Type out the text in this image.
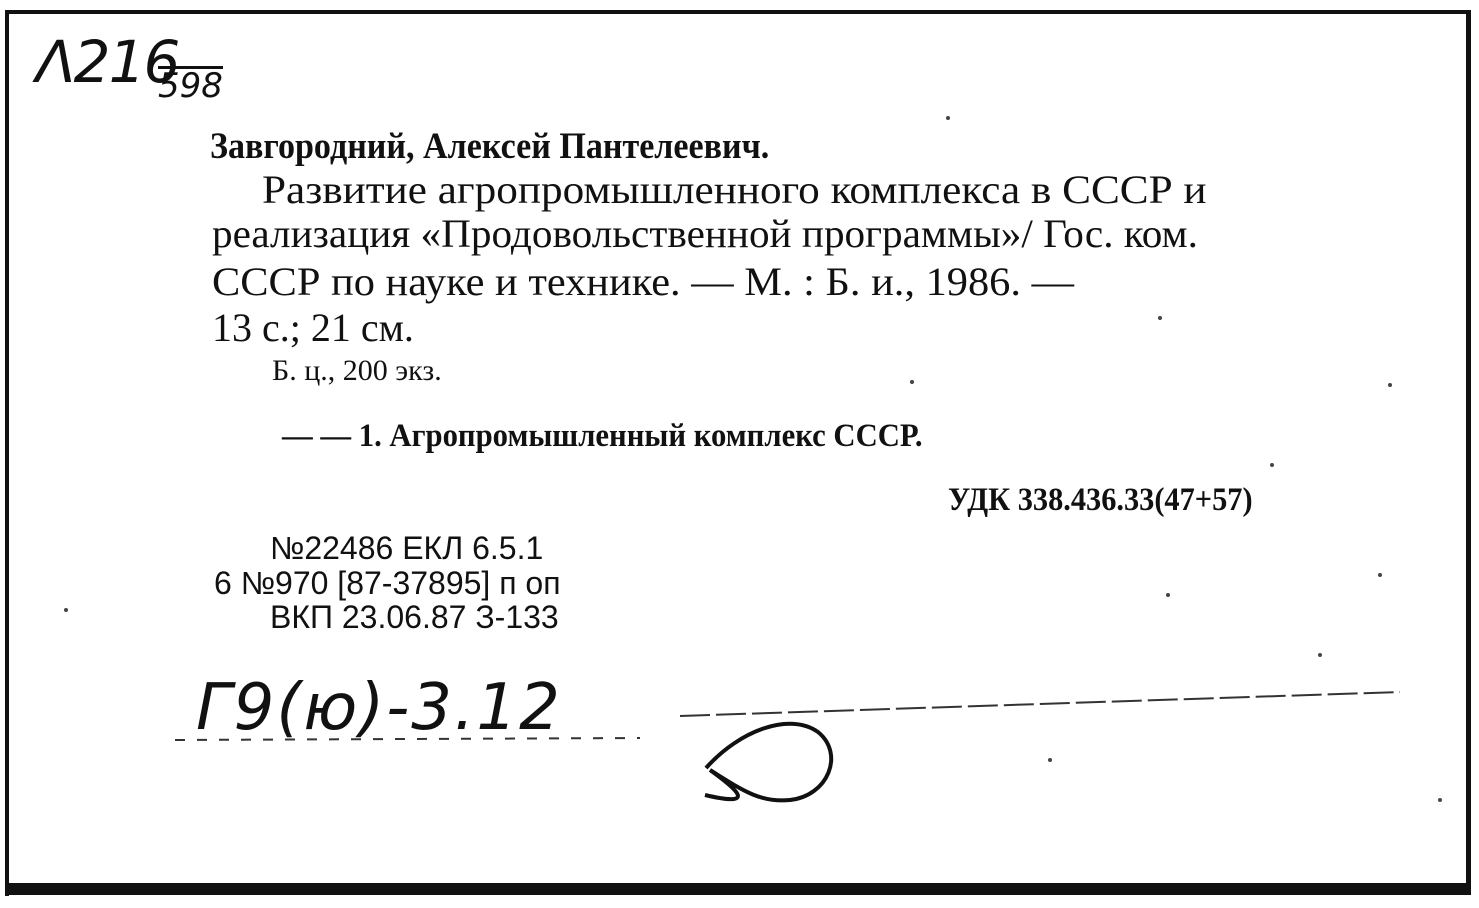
Λ216
598
Завгородний, Алексей Пантелеевич.
Развитие агропромышленного комплекса в СССР и
реализация «Продовольственной программы»/ Гос. ком.
СССР по науке и технике. — М. : Б. и., 1986. —
13 с.; 21 см.
Б. ц., 200 экз.
— — 1. Агропромышленный комплекс СССР.
УДК 338.436.33(47+57)
№22486 ЕКЛ 6.5.1
6 №970 [87-37895] п оп
ВКП 23.06.87 З-133
Г9(ю)-3.12
